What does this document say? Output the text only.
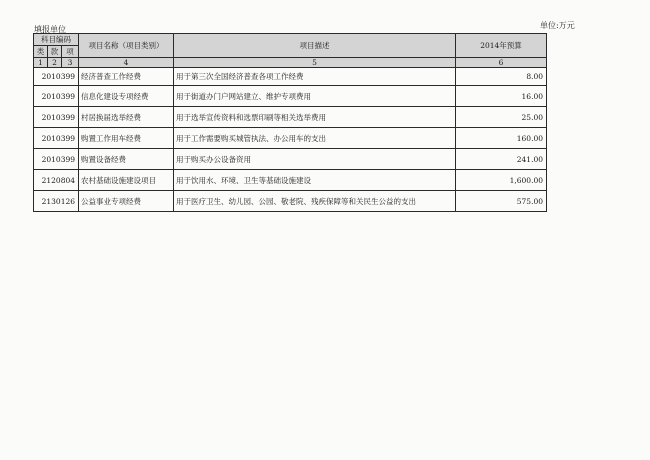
填报单位	单位:万元
科目编码			项目名称（项目类别）	项目描述	2014年预算
类	款	项			
1	2	3	4	5	6
2010399			经济普查工作经费	用于第三次全国经济普查各项工作经费	8.00
2010399			信息化建设专项经费	用于街道办门户网站建立、维护专项费用	16.00
2010399			村居换届选举经费	用于选举宣传资料和选票印刷等相关选举费用	25.00
2010399			购置工作用车经费	用于工作需要购买城管执法、办公用车的支出	160.00
2010399			购置设备经费	用于购买办公设备资用	241.00
2120804			农村基础设施建设项目	用于饮用水、环境、卫生等基础设施建设	1,600.00
2130126			公益事业专项经费	用于医疗卫生、幼儿园、公园、敬老院、残疾保障等和关民生公益的支出	575.00
